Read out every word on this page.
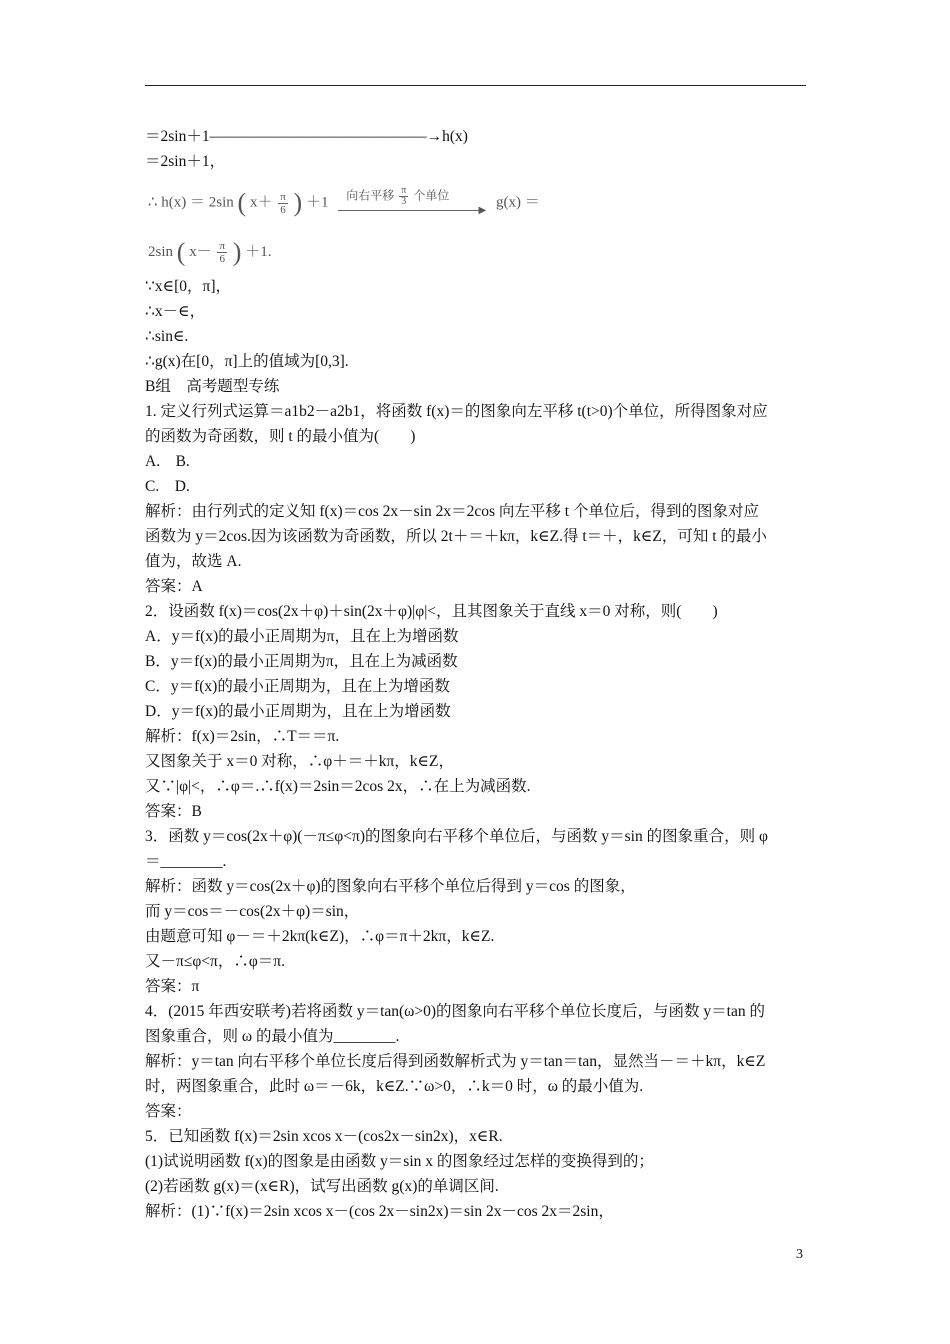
＝2sin＋1——————————————→h(x)
＝2sin＋1，
∴ h(x) ＝ 2sin ( $x+ \frac{\pi}{6}$ ) ＋1 向右平移 $\frac{\pi}{3}$ 个单位
▶
g(x) ＝
2sin ( $x- \frac{\pi}{6}$ ) ＋1.
∵x∈[0，π]，
∴x－∈，
∴sin∈.
∴g(x)在[0，π]上的值域为[0,3].
B组　高考题型专练
1. 定义行列式运算＝a1b2－a2b1，将函数 f(x)＝的图象向左平移 t(t>0)个单位，所得图象对应
的函数为奇函数，则 t 的最小值为(　　)
A.　B.
C.　D.
解析：由行列式的定义知 f(x)＝cos 2x－sin 2x＝2cos 向左平移 t 个单位后，得到的图象对应
函数为 y＝2cos.因为该函数为奇函数，所以 2t＋＝＋kπ，k∈Z.得 t＝＋，k∈Z，可知 t 的最小
值为，故选 A.
答案：A
2．设函数 f(x)＝cos(2x＋φ)＋sin(2x＋φ)|φ|<，且其图象关于直线 x＝0 对称，则(　　)
A．y＝f(x)的最小正周期为π，且在上为增函数
B．y＝f(x)的最小正周期为π，且在上为减函数
C．y＝f(x)的最小正周期为，且在上为增函数
D．y＝f(x)的最小正周期为，且在上为增函数
解析：f(x)＝2sin，∴T＝＝π.
又图象关于 x＝0 对称，∴φ＋＝＋kπ，k∈Z，
又∵|φ|<，∴φ＝.∴f(x)＝2sin＝2cos 2x，∴在上为减函数.
答案：B
3．函数 y＝cos(2x＋φ)(－π≤φ<π)的图象向右平移个单位后，与函数 y＝sin 的图象重合，则 φ
＝________.
解析：函数 y＝cos(2x＋φ)的图象向右平移个单位后得到 y＝cos 的图象，
而 y＝cos＝－cos(2x＋φ)＝sin，
由题意可知 φ－＝＋2kπ(k∈Z)，∴φ＝π＋2kπ，k∈Z.
又－π≤φ<π，∴φ＝π.
答案：π
4．(2015 年西安联考)若将函数 y＝tan(ω>0)的图象向右平移个单位长度后，与函数 y＝tan 的
图象重合，则 ω 的最小值为________.
解析：y＝tan 向右平移个单位长度后得到函数解析式为 y＝tan＝tan，显然当－＝＋kπ，k∈Z
时，两图象重合，此时 ω＝－6k，k∈Z.∵ω>0，∴k＝0 时，ω 的最小值为.
答案：
5．已知函数 f(x)＝2sin xcos x－(cos2x－sin2x)，x∈R.
(1)试说明函数 f(x)的图象是由函数 y＝sin x 的图象经过怎样的变换得到的；
(2)若函数 g(x)＝(x∈R)，试写出函数 g(x)的单调区间.
解析：(1)∵f(x)＝2sin xcos x－(cos 2x－sin2x)＝sin 2x－cos 2x＝2sin，
3
